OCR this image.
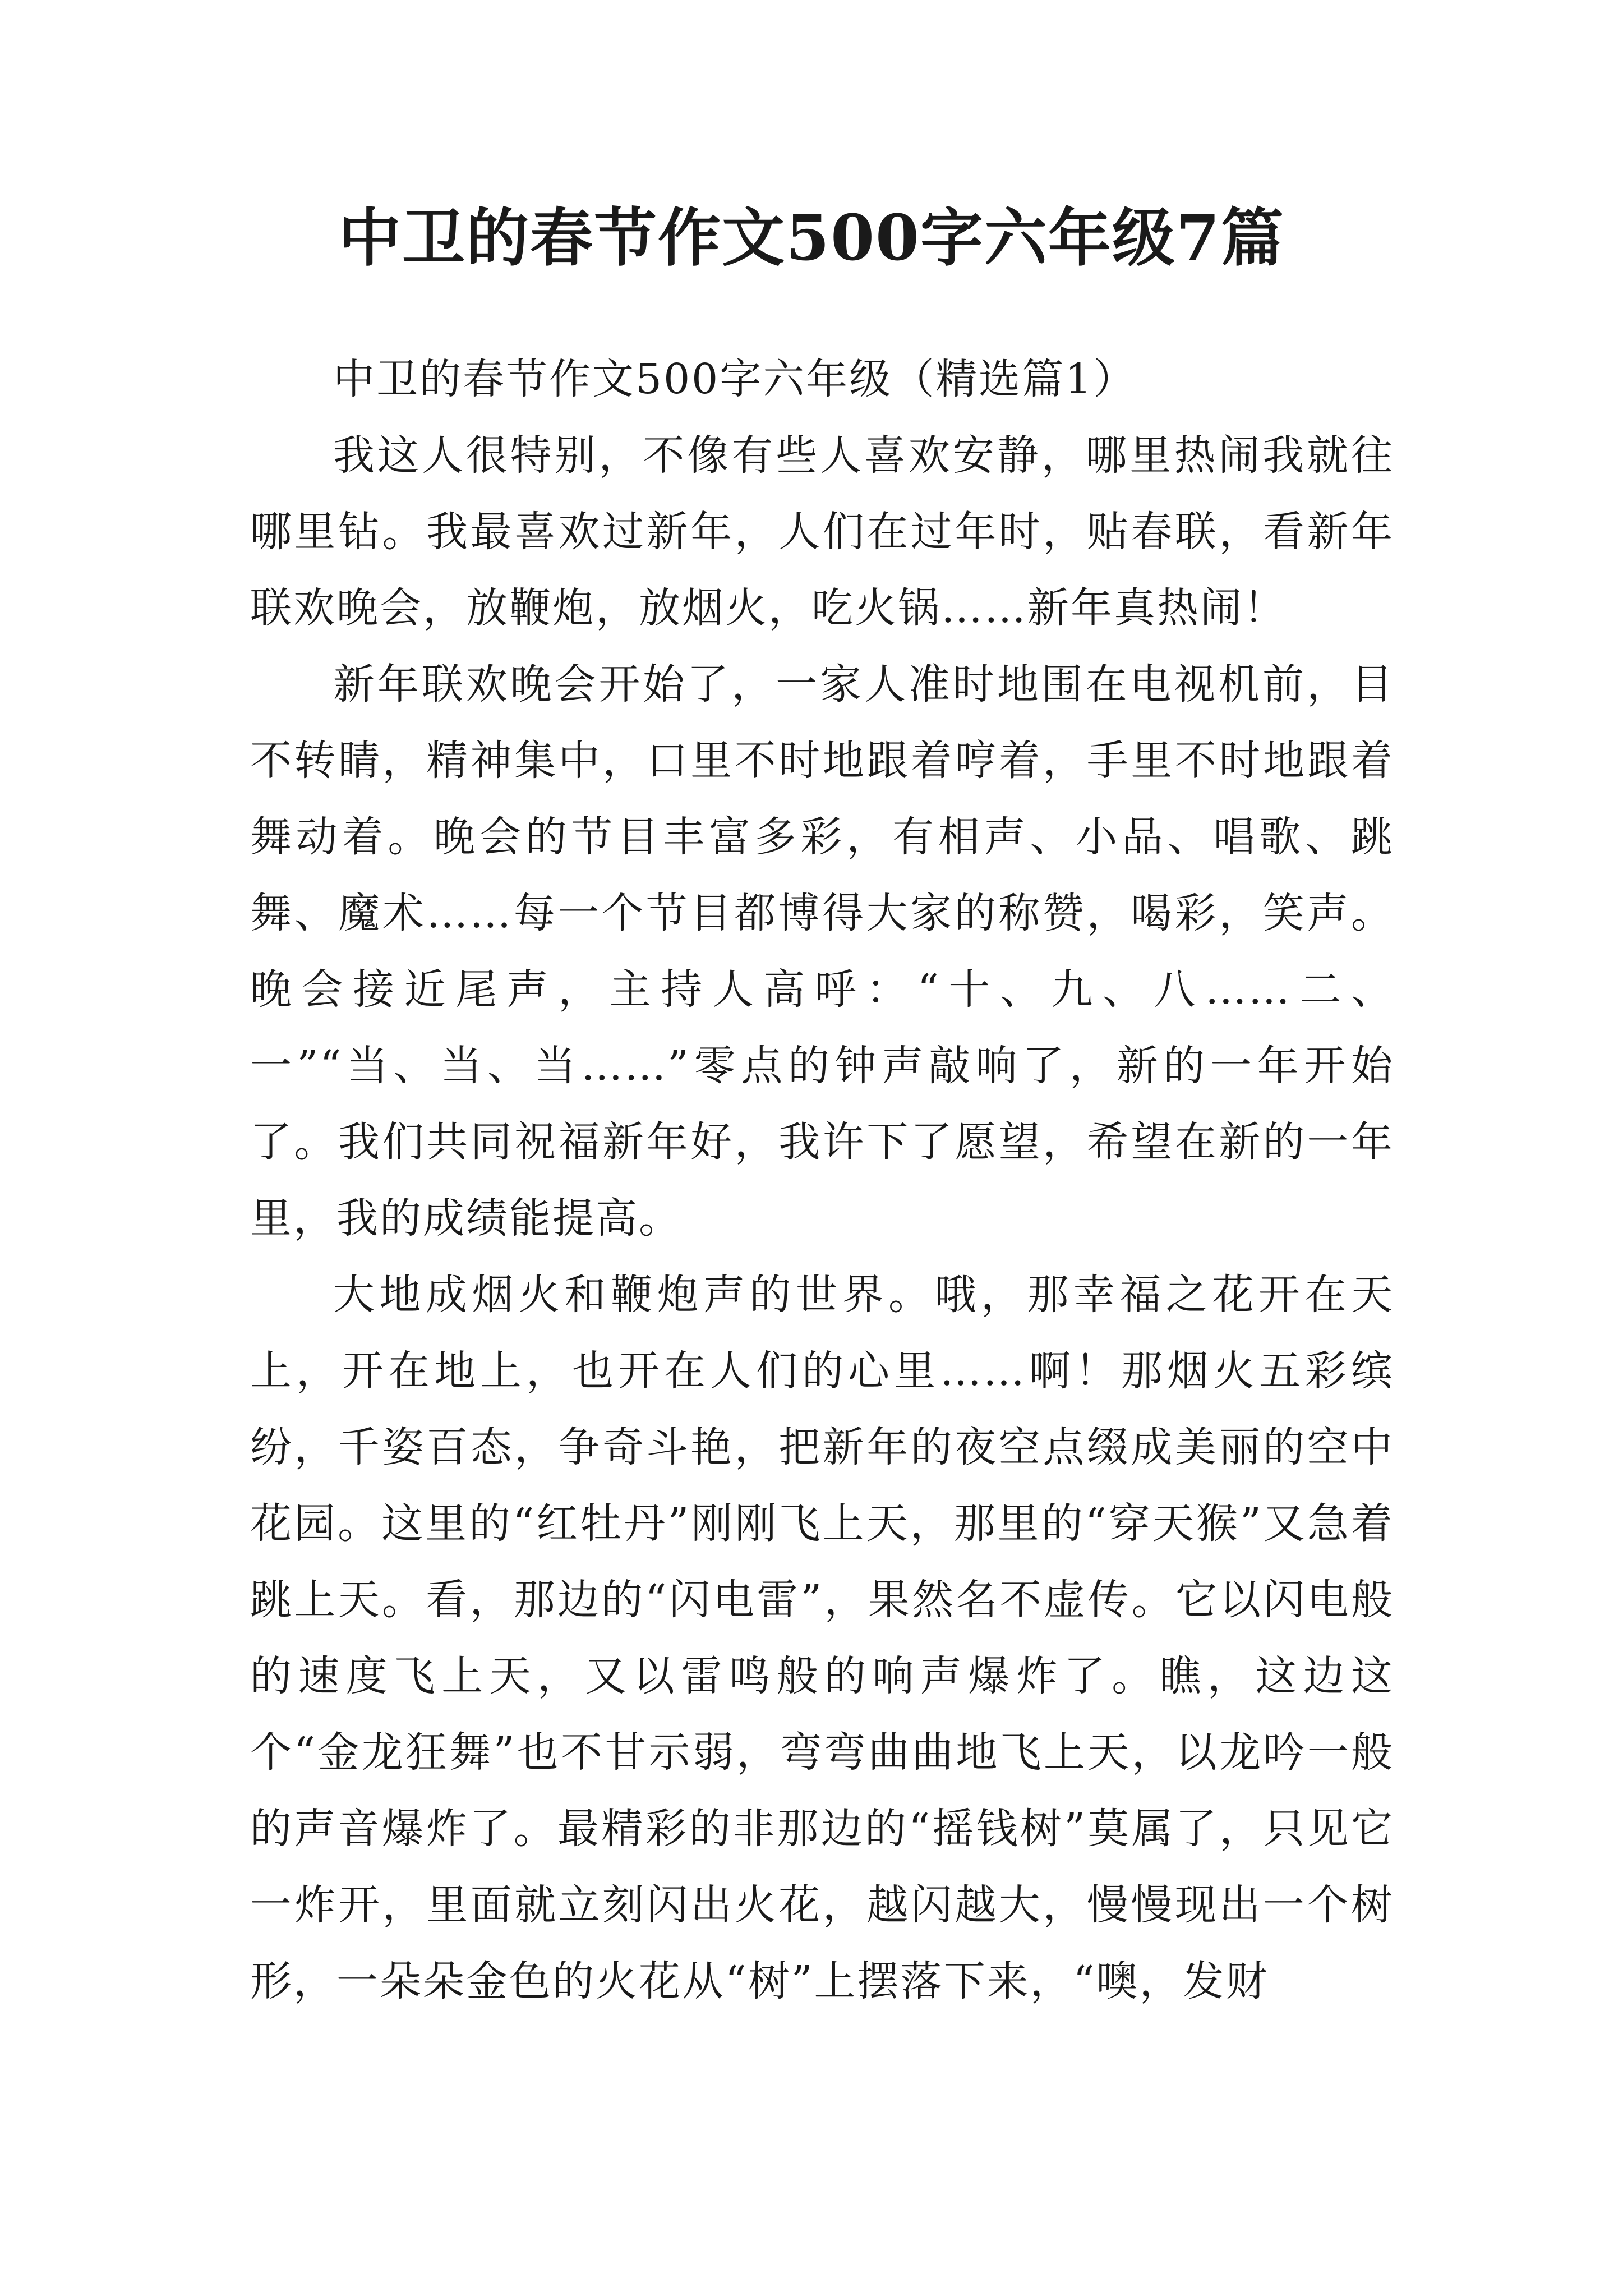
中卫的春节作文500字六年级7篇

中卫的春节作文500字六年级（精选篇1）

我这人很特别，不像有些人喜欢安静，哪里热闹我就往哪里钻。我最喜欢过新年，人们在过年时，贴春联，看新年联欢晚会，放鞭炮，放烟火，吃火锅……新年真热闹！

新年联欢晚会开始了，一家人准时地围在电视机前，目不转睛，精神集中，口里不时地跟着哼着，手里不时地跟着舞动着。晚会的节目丰富多彩，有相声、小品、唱歌、跳舞、魔术……每一个节目都博得大家的称赞，喝彩，笑声。晚会接近尾声，主持人高呼：“十、九、八……二、一”“当、当、当……”零点的钟声敲响了，新的一年开始了。我们共同祝福新年好，我许下了愿望，希望在新的一年里，我的成绩能提高。

大地成烟火和鞭炮声的世界。哦，那幸福之花开在天上，开在地上，也开在人们的心里……啊！那烟火五彩缤纷，千姿百态，争奇斗艳，把新年的夜空点缀成美丽的空中花园。这里的“红牡丹”刚刚飞上天，那里的“穿天猴”又急着跳上天。看，那边的“闪电雷”，果然名不虚传。它以闪电般的速度飞上天，又以雷鸣般的响声爆炸了。瞧，这边这个“金龙狂舞”也不甘示弱，弯弯曲曲地飞上天，以龙吟一般的声音爆炸了。最精彩的非那边的“摇钱树”莫属了，只见它一炸开，里面就立刻闪出火花，越闪越大，慢慢现出一个树形，一朵朵金色的火花从“树”上摆落下来，“噢，发财
